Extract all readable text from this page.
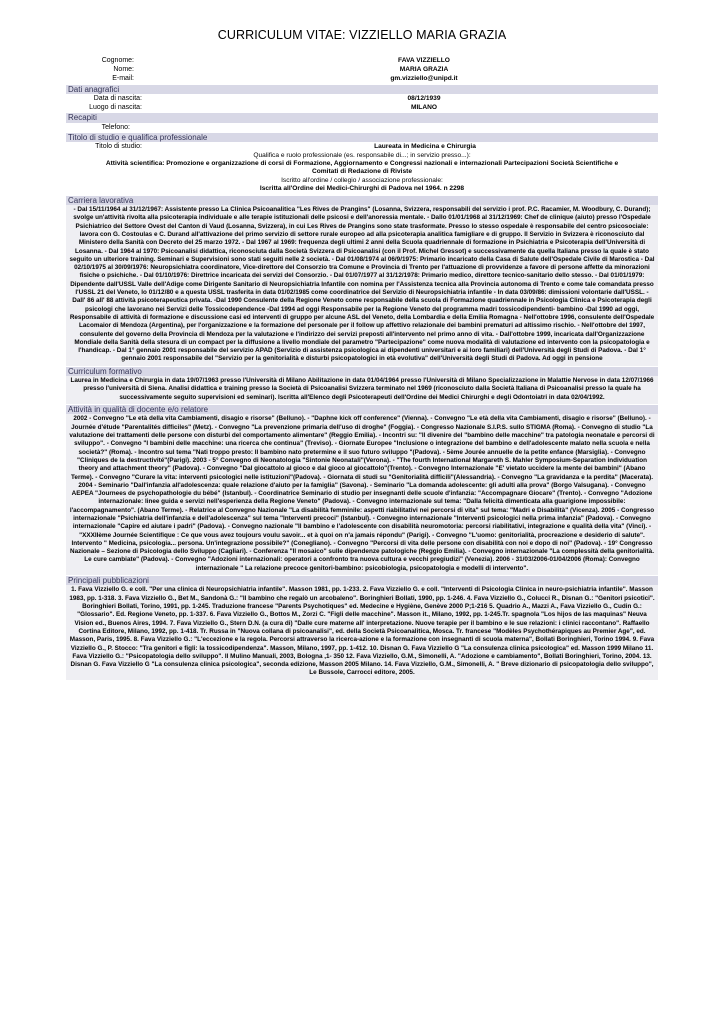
CURRICULUM VITAE: VIZZIELLO MARIA GRAZIA
Cognome:	FAVA VIZZIELLO
Nome:	MARIA GRAZIA
E-mail:	gm.vizziello@unipd.it
Dati anagrafici
Data di nascita:	08/12/1939
Luogo di nascita:	MILANO
Recapiti
Telefono:
Titolo di studio e qualifica professionale
Titolo di studio:	Laureata in Medicina e Chirurgia
Qualifica e ruolo professionale (es. responsabile di...; in servizio presso...):
Attività scientifica: Promozione e organizzazione di corsi di Formazione, Aggiornamento e Congressi nazionali e internazionali Partecipazioni Società Scientifiche e Comitati di Redazione di Riviste
Iscritto all'ordine / collegio / associazione professionale:
Iscritta all'Ordine dei Medici-Chirurghi di Padova nel 1964. n 2298
Carriera lavorativa
- Dal 15/11/1964 al 31/12/1967: Assistente presso La Clinica Psicoanalitica "Les Rives de Prangins" (Losanna, Svizzera, responsabili del servizio i prof. P.C. Racamier, M. Woodbury, C. Durand); svolge un'attività rivolta alla psicoterapia individuale e alle terapie istituzionali delle psicosi e dell'anoressia mentale. - Dallo 01/01/1968 al 31/12/1969: Chef de clinique (aiuto) presso l'Ospedale Psichiatrico del Settore Ovest del Canton di Vaud (Losanna, Svizzera), in cui Les Rives de Prangins sono state trasformate. Presso lo stesso ospedale è responsabile del centro psicosociale: lavora con G. Costoulas e C. Durand all'attivazione del primo servizio di settore rurale europeo ad alla psicoterapia analitica famigliare e di gruppo. Il Servizio in Svizzera è riconosciuto dal Ministero della Sanità con Decreto del 25 marzo 1972. - Dal 1967 al 1969: frequenza degli ultimi 2 anni della Scuola quadriennale di formazione in Psichiatria e Psicoterapia dell'Università di Losanna. - Dal 1964 al 1970: Psicoanalisi didattica, riconosciuta dalla Società Svizzera di Psicoanalisi (con il Prof. Michel Gressot) e successivamente da quella Italiana presso la quale è stato seguito un ulteriore training. Seminari e Supervisioni sono stati seguiti nelle 2 società. - Dal 01/08/1974 al 06/9/1975: Primario incaricato della Casa di Salute dell'Ospedale Civile di Marostica - Dal 02/10/1975 al 30/09/1976: Neuropsichiatra coordinatore, Vice-direttore del Consorzio tra Comune e Provincia di Trento per l'attuazione di provvidenze a favore di persone affette da minorazioni fisiche o psichiche. - Dal 01/10/1976: Direttrice incaricata dei servizi del Consorzio. - Dal 01/07/1977 al 31/12/1978: Primario medico, direttore tecnico-sanitario dello stesso. - Dal 01/01/1979: Dipendente dall'USSL Valle dell'Adige come Dirigente Sanitario di Neuropsichiatria Infantile con nomina per l'Assistenza tecnica alla Provincia autonoma di Trento e come tale comandata presso l'USSL 21 del Veneto, lo 01/12/80 e a questa USSL trasferita in data 01/02/1985 come coordinatrice del Servizio di Neuropsichiatria infantile - In data 03/09/86: dimissioni volontarie dall'USSL. - Dall' 86 all' 88 attività psicoterapeutica privata. -Dal 1990 Consulente della Regione Veneto come responsabile della scuola di Formazione quadriennale in Psicologia Clinica e Psicoterapia degli psicologi che lavorano nei Servizi delle Tossicodependence -Dal 1994 ad oggi Responsabile per la Regione Veneto del programma madri tossicodipendenti- bambino -Dal 1990 ad oggi, Responsabile di attività di formazione e discussione casi ed interventi di gruppo per alcune ASL del Veneto, della Lombardia e della Emilia Romagna - Nell'ottobre 1996, consulente dell'Ospedale Lacomaior di Mendoza (Argentina), per l'organizzazione e la formazione del personale per il follow up affettivo relazionale dei bambini prematuri ad altissimo rischio. - Nell'ottobre del 1997, consulente del governo della Provincia di Mendoza per la valutazione e l'indirizzo dei servizi preposti all'intervento nel primo anno di vita. - Dall'ottobre 1999, incaricata dall'Organizzazione Mondiale della Sanità della stesura di un compact per la diffusione a livello mondiale del parametro "Partecipazione" come nuova modalità di valutazione ed intervento con la psicopatologia e l'handicap. - Dal 1° gennaio 2001 responsabile del servizio APAD (Servizio di assistenza psicologica ai dipendenti universitari e ai loro familiari) dell'Università degli Studi di Padova. - Dal 1° gennaio 2001 responsabile del "Servizio per la genitorialità e disturbi psicopatologici in età evolutiva" dell'Università degli Studi di Padova. Ad oggi in pensione
Curriculum formativo
Laurea in Medicina e Chirurgia in data 19/07/1963 presso l'Università di Milano Abilitazione in data 01/04/1964 presso l'Università di Milano Specializzazione in Malattie Nervose in data 12/07/1966 presso l'università di Siena. Analisi didattica e training presso la Società di Psicoanalisi Svizzera terminato nel 1969 (riconosciuto dalla Società Italiana di Psicoanalisi presso la quale ha successivamente seguito supervisioni ed seminari). Iscritta all'Elenco degli Psicoterapeuti dell'Ordine dei Medici Chirurghi e degli Odontoiatri in data 02/04/1992.
Attività in qualità di docente e/o relatore
2002 - Convegno "Le età della vita Cambiamenti, disagio e risorse" (Belluno). - "Daphne kick off conference" (Vienna). - Convegno "Le età della vita Cambiamenti, disagio e risorse" (Belluno). - Journée d'étude "Parentalités difficiles" (Metz). - Convegno "La prevenzione primaria dell'uso di droghe" (Foggia). - Congresso Nazionale S.I.P.S. sullo STIGMA (Roma). - Convegno di studio "La valutazione dei trattamenti delle persone con disturbi del comportamento alimentare" (Reggio Emilia). - Incontri su: "Il divenire del "bambino delle macchine" tra patologia neonatale e percorsi di sviluppo". - Convegno "I bambini delle macchine: una ricerca che continua" (Treviso). - Giornate Europee "Inclusione o integrazione del bambino e dell'adolescente malato nella scuola e nella società?" (Roma). - Incontro sul tema "Nati troppo presto: Il bambino nato pretermine e il suo futuro sviluppo "(Padova). - 5ème Jourée annuelle de la petite enfance (Marsiglia). - Convegno "Cliniques de la destructivité"(Parigi). 2003 - 5° Convegno di Neonatologia "Sintonie Neonatali"(Verona). - "The fourth International Margareth S. Mahler Symposium-Separation individuation theory and attachment theory" (Padova). - Convegno "Dal giocattolo al gioco e dal gioco al giocattolo"(Trento). - Convegno Internazionale "E' vietato uccidere la mente dei bambini" (Abano Terme). - Convegno "Curare la vita: interventi psicologici nelle istituzioni"(Padova). - Giornata di studi su "Genitorialità difficili"(Alessandria). - Convegno "La gravidanza e la perdita" (Macerata). 2004 - Seminario "Dall'infanzia all'adolescenza: quale relazione d'aiuto per la famiglia" (Savona). - Seminario "La domanda adolescente: gli adulti alla prova" (Borgo Valsugana). - Convegno AEPEA "Journees de psychopathologie du bébé" (Istanbul). - Coordinatrice Seminario di studio per insegnanti delle scuole d'infanzia: "Accompagnare Giocare" (Trento). - Convegno "Adozione internazionale: linee guida e servizi nell'esperienza della Regione Veneto" (Padova). - Convegno internazionale sul tema: "Dalla felicità dimenticata alla guarigione impossibile: l'accompagnamento". (Abano Terme). - Relatrice al Convegno Nazionale "La disabilità femminile: aspetti riabilitativi nei percorsi di vita" sul tema: "Madri e Disabilità" (Vicenza). 2005 - Congresso internazionale "Psichiatria dell'infanzia e dell'adolescenza" sul tema "Interventi precoci" (Istanbul). - Convegno internazionale "Interventi psicologici nella prima infanzia" (Padova). - Convegno internazionale "Capire ed aiutare i padri" (Padova). - Convegno nazionale "Il bambino e l'adolescente con disabilità neuromotoria: percorsi riabilitativi, integrazione e qualità della vita" (Vinci). - "XXXIIème Journée Scientifique : Ce que vous avez toujours voulu savoir... et à quoi on n'a jamais répondu" (Parigi). - Convegno "L'uomo: genitorialità, procreazione e desiderio di salute". Intervento " Medicina, psicologia... persona. Un'integrazione possibile?" (Conegliano). - Convegno "Percorsi di vita delle persone con disabilità con noi e dopo di noi" (Padova). - 19° Congresso Nazionale – Sezione di Psicologia dello Sviluppo (Cagliari). - Conferenza "Il mosaico" sulle dipendenze patologiche (Reggio Emilia). - Convegno internazionale "La complessità della genitorialità. Le cure cambiate" (Padova). - Convegno "Adozioni internazionali: operatori a confronto tra nuova cultura e vecchi pregiudizi" (Venezia). 2006 - 31/03/2006-01/04/2006 (Roma): Convegno internazionale " La relazione precoce genitori-bambino: psicobiologia, psicopatologia e modelli di intervento".
Principali pubblicazioni
1. Fava Vizziello G. e coll. "Per una clinica di Neuropsichiatria infantile". Masson 1981, pp. 1-233. 2. Fava Vizziello G. e coll. "Interventi di Psicologia Clinica in neuro-psichiatria infantile". Masson 1983, pp. 1-318. 3. Fava Vizziello G., Bet M., Sandonà G.: "Il bambino che regalò un arcobaleno". Boringhieri Bollati, 1990, pp. 1-246. 4. Fava Vizziello G., Colucci R., Disnan G.: "Genitori psicotici". Boringhieri Bollati, Torino, 1991, pp. 1-245. Traduzione francese "Parents Psychotiques" ed. Medecine e Hygiène, Genève 2000 P;1-216 5. Quadrio A., Mazzi A., Fava Vizziello G., Cudin G.: "Glossario". Ed. Regione Veneto, pp. 1-337. 6. Fava Vizziello G., Bottos M., Zorzi C. "Figli delle macchine". Masson it., Milano, 1992, pp. 1-245.Tr. spagnola "Los hijos de las maquinas" Neuva Vision ed., Buenos Aires, 1994. 7. Fava Vizziello G., Stern D.N. (a cura di) "Dalle cure materne all' interpretazione. Nuove terapie per il bambino e le sue relazioni: i clinici raccontano". Raffaello Cortina Editore, Milano, 1992, pp. 1-418. Tr. Russa in "Nuova collana di psicoanalisi", ed. della Società Psicoanalitica, Mosca. Tr. francese "Modèles Psychothérapiques au Premier Age", ed. Masson, Paris, 1995. 8. Fava Vizziello G.: "L'eccezione e la regola. Percorsi attraverso la ricerca-azione e la formazione con insegnanti di scuola materna", Bollati Boringhieri, Torino 1994. 9. Fava Vizziello G., P. Stocco: "Tra genitori e figli: la tossicodipendenza". Masson, Milano, 1997, pp. 1-412. 10. Disnan G. Fava Vizziello G "La consulenza clinica psicologica" ed. Masson 1999 Milano 11. Fava Vizziello G.: "Psicopatologia dello sviluppo". Il Mulino Manuali, 2003, Bologna ,1- 350 12. Fava Vizziello, G.M., Simonelli, A. "Adozione e cambiamento", Bollati Boringhieri, Torino, 2004. 13. Disnan G. Fava Vizziello G "La consulenza clinica psicologica", seconda edizione, Masson 2005 Milano. 14. Fava Vizziello, G.M., Simonelli, A. " Breve dizionario di psicopatologia dello sviluppo", Le Bussole, Carrocci editore, 2005.
